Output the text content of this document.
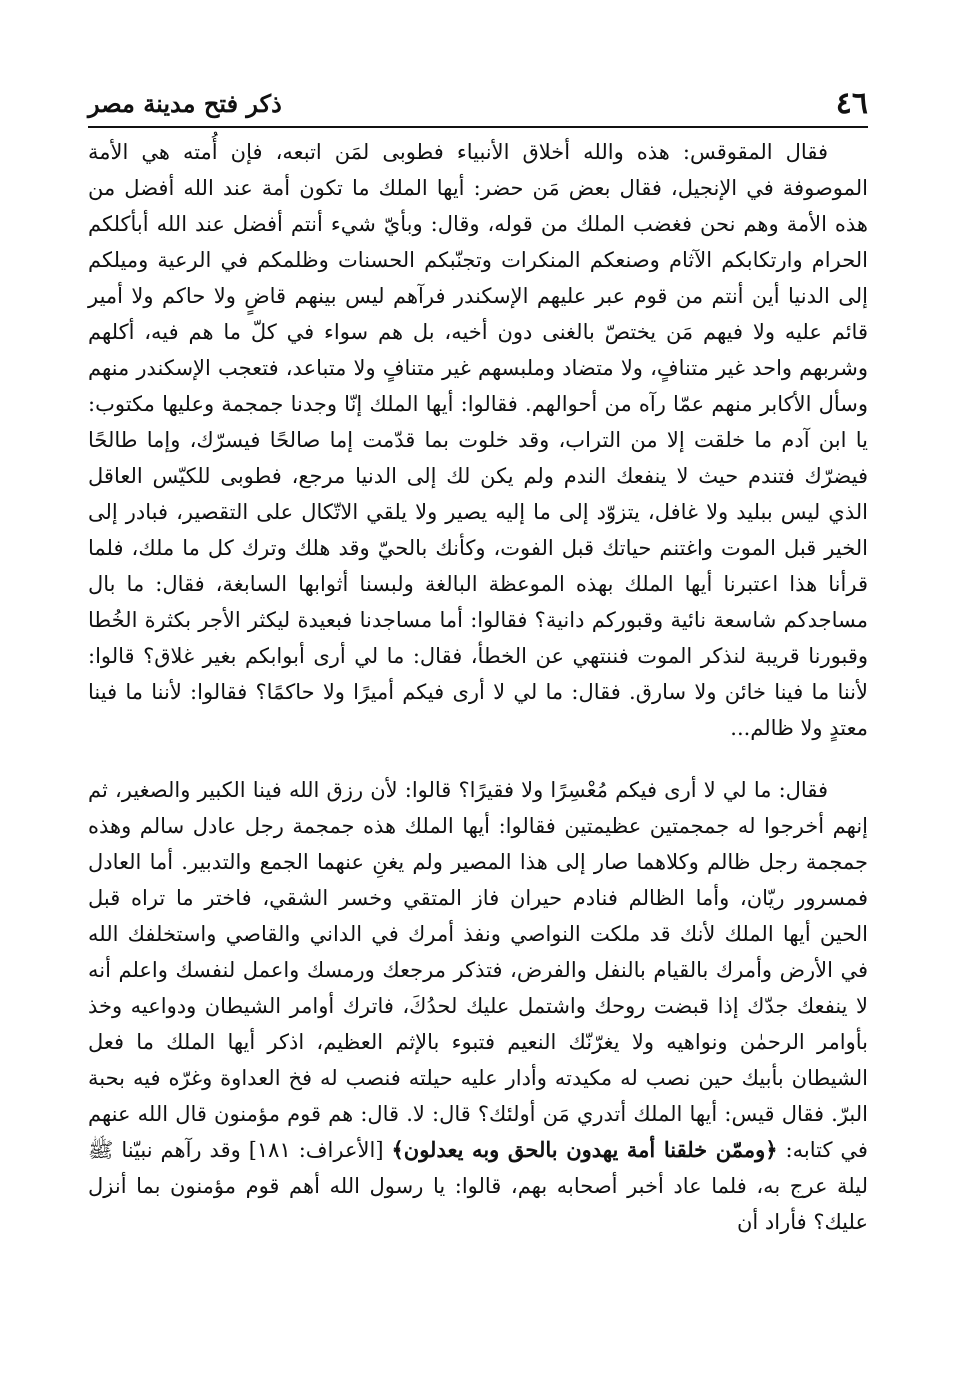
٤٦
ذكر فتح مدينة مصر

فقال المقوقس: هذه والله أخلاق الأنبياء فطوبى لمَن اتبعه، فإن أُمته هي الأمة الموصوفة في الإنجيل، فقال بعض مَن حضر: أيها الملك ما تكون أمة عند الله أفضل من هذه الأمة وهم نحن فغضب الملك من قوله، وقال: وبأيّ شيء أنتم أفضل عند الله أبأكلكم الحرام وارتكابكم الآثام وصنعكم المنكرات وتجنّبكم الحسنات وظلمكم في الرعية وميلكم إلى الدنيا أين أنتم من قوم عبر عليهم الإسكندر فرآهم ليس بينهم قاضٍ ولا حاكم ولا أمير قائم عليه ولا فيهم مَن يختصّ بالغنى دون أخيه، بل هم سواء في كلّ ما هم فيه، أكلهم وشربهم واحد غير متنافٍ، ولا متضاد وملبسهم غير متنافٍ ولا متباعد، فتعجب الإسكندر منهم وسأل الأكابر منهم عمّا رآه من أحوالهم. فقالوا: أيها الملك إنّا وجدنا جمجمة وعليها مكتوب: يا ابن آدم ما خلقت إلا من التراب، وقد خلوت بما قدّمت إما صالحًا فيسرّك، وإما طالحًا فيضرّك فتندم حيث لا ينفعك الندم ولم يكن لك إلى الدنيا مرجع، فطوبى للكيّس العاقل الذي ليس ببليد ولا غافل، يتزوّد إلى ما إليه يصير ولا يلقي الاتّكال على التقصير، فبادر إلى الخير قبل الموت واغتنم حياتك قبل الفوت، وكأنك بالحيّ وقد هلك وترك كل ما ملك، فلما قرأنا هذا اعتبرنا أيها الملك بهذه الموعظة البالغة ولبسنا أثوابها السابغة، فقال: ما بال مساجدكم شاسعة نائية وقبوركم دانية؟ فقالوا: أما مساجدنا فبعيدة ليكثر الأجر بكثرة الخُطا وقبورنا قريبة لنذكر الموت فننتهي عن الخطأ، فقال: ما لي أرى أبوابكم بغير غلاق؟ قالوا: لأننا ما فينا خائن ولا سارق. فقال: ما لي لا أرى فيكم أميرًا ولا حاكمًا؟ فقالوا: لأننا ما فينا معتدٍ ولا ظالم...

فقال: ما لي لا أرى فيكم مُعْسِرًا ولا فقيرًا؟ قالوا: لأن رزق الله فينا الكبير والصغير، ثم إنهم أخرجوا له جمجمتين عظيمتين فقالوا: أيها الملك هذه جمجمة رجل عادل سالم وهذه جمجمة رجل ظالم وكلاهما صار إلى هذا المصير ولم يغنِ عنهما الجمع والتدبير. أما العادل فمسرور ريّان، وأما الظالم فنادم حيران فاز المتقي وخسر الشقي، فاختر ما تراه قبل الحين أيها الملك لأنك قد ملكت النواصي ونفذ أمرك في الداني والقاصي واستخلفك الله في الأرض وأمرك بالقيام بالنفل والفرض، فتذكر مرجعك ورمسك واعمل لنفسك واعلم أنه لا ينفعك جدّك إذا قبضت روحك واشتمل عليك لحدُكَ، فاترك أوامر الشيطان ودواعيه وخذ بأوامر الرحمٰن ونواهيه ولا يغرّنّك النعيم فتبوء بالإثم العظيم، اذكر أيها الملك ما فعل الشيطان بأبيك حين نصب له مكيدته وأدار عليه حيلته فنصب له فخ العداوة وغرّه فيه بحبة البرّ. فقال قيس: أيها الملك أتدري مَن أولئك؟ قال: لا. قال: هم قوم مؤمنون قال الله عنهم في كتابه: ﴿وممّن خلقنا أمة يهدون بالحق وبه يعدلون﴾ [الأعراف: ١٨١] وقد رآهم نبيّنا ﷺ ليلة عرج به، فلما عاد أخبر أصحابه بهم، قالوا: يا رسول الله أهم قوم مؤمنون بما أنزل عليك؟ فأراد أن
